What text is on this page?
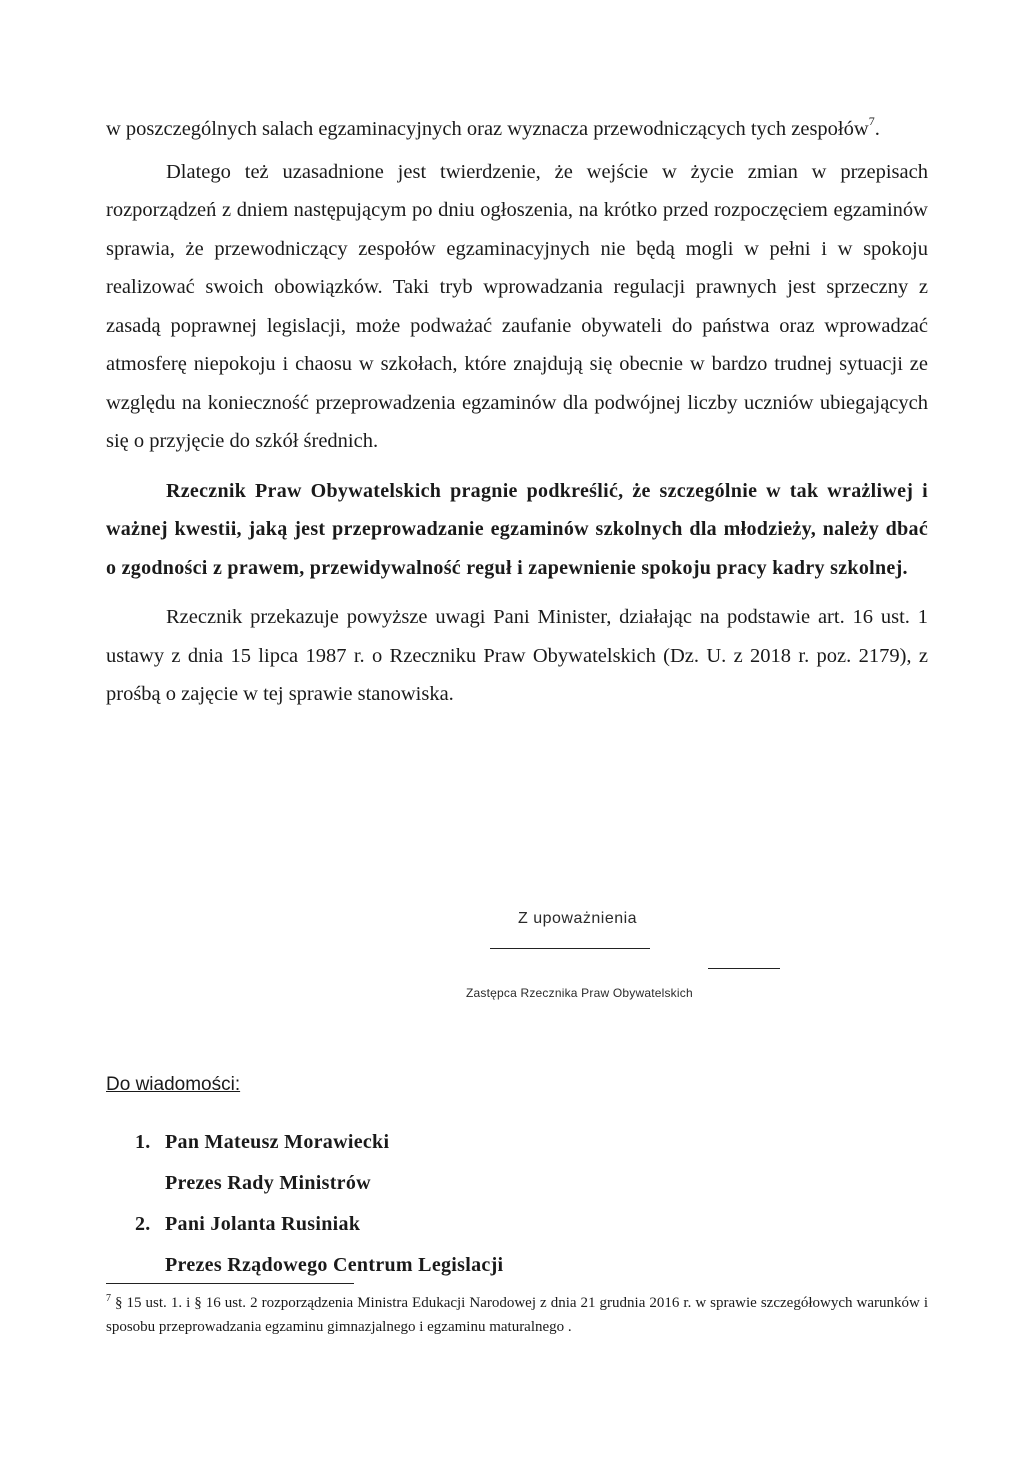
w poszczególnych salach egzaminacyjnych oraz wyznacza przewodniczących tych zespołów$^7$.

Dlatego też uzasadnione jest twierdzenie, że wejście w życie zmian w przepisach rozporządzeń z dniem następującym po dniu ogłoszenia, na krótko przed rozpoczęciem egzaminów sprawia, że przewodniczący zespołów egzaminacyjnych nie będą mogli w pełni i w spokoju realizować swoich obowiązków. Taki tryb wprowadzania regulacji prawnych jest sprzeczny z zasadą poprawnej legislacji, może podważać zaufanie obywateli do państwa oraz wprowadzać atmosferę niepokoju i chaosu w szkołach, które znajdują się obecnie w bardzo trudnej sytuacji ze względu na konieczność przeprowadzenia egzaminów dla podwójnej liczby uczniów ubiegających się o przyjęcie do szkół średnich.

Rzecznik Praw Obywatelskich pragnie podkreślić, że szczególnie w tak wrażliwej i ważnej kwestii, jaką jest przeprowadzanie egzaminów szkolnych dla młodzieży, należy dbać o zgodności z prawem, przewidywalność reguł i zapewnienie spokoju pracy kadry szkolnej.

Rzecznik przekazuje powyższe uwagi Pani Minister, działając na podstawie art. 16 ust. 1 ustawy z dnia 15 lipca 1987 r. o Rzeczniku Praw Obywatelskich (Dz. U. z 2018 r. poz. 2179), z prośbą o zajęcie w tej sprawie stanowiska.

Z upoważnienia
Zastępca Rzecznika Praw Obywatelskich
Do wiadomości:
1. Pan Mateusz Morawiecki
Prezes Rady Ministrów
2. Pani Jolanta Rusiniak
Prezes Rządowego Centrum Legislacji
$^7$ § 15 ust. 1. i § 16 ust. 2 rozporządzenia Ministra Edukacji Narodowej z dnia 21 grudnia 2016 r. w sprawie szczegółowych warunków i sposobu przeprowadzania egzaminu gimnazjalnego i egzaminu maturalnego .
